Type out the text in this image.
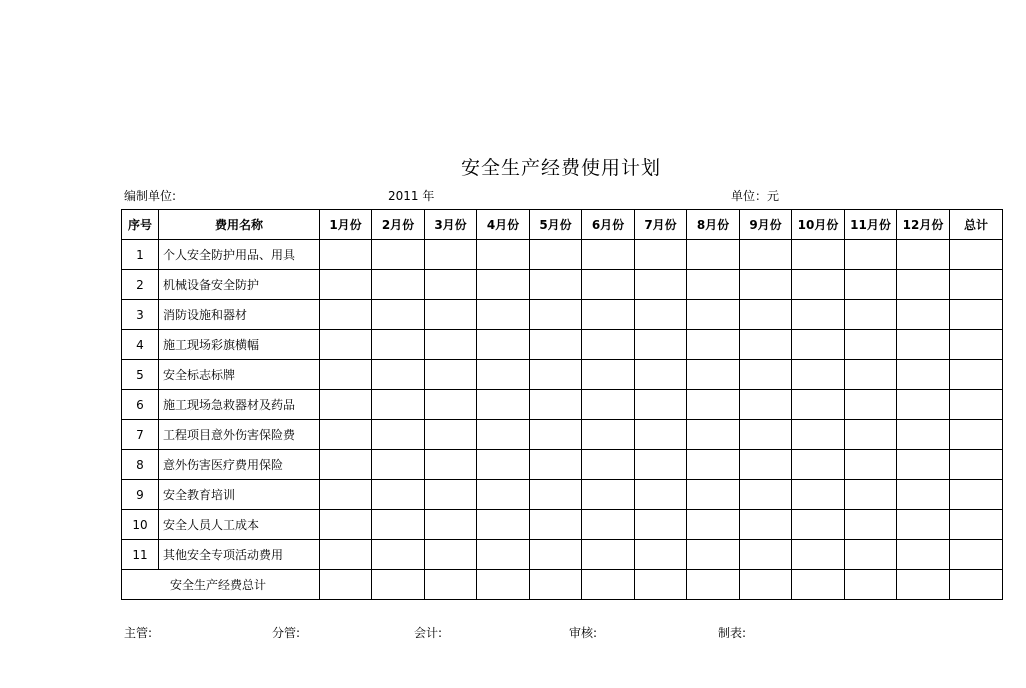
安全生产经费使用计划
编制单位:	2011 年	单位：元
序号	费用名称	1月份	2月份	3月份	4月份	5月份	6月份	7月份	8月份	9月份	10月份	11月份	12月份	总计
1	个人安全防护用品、用具													
2	机械设备安全防护													
3	消防设施和器材													
4	施工现场彩旗横幅													
5	安全标志标牌													
6	施工现场急救器材及药品													
7	工程项目意外伤害保险费													
8	意外伤害医疗费用保险													
9	安全教育培训													
10	安全人员人工成本													
11	其他安全专项活动费用													
安全生产经费总计														
主管:	分管:	会计:	审核:	制表:
